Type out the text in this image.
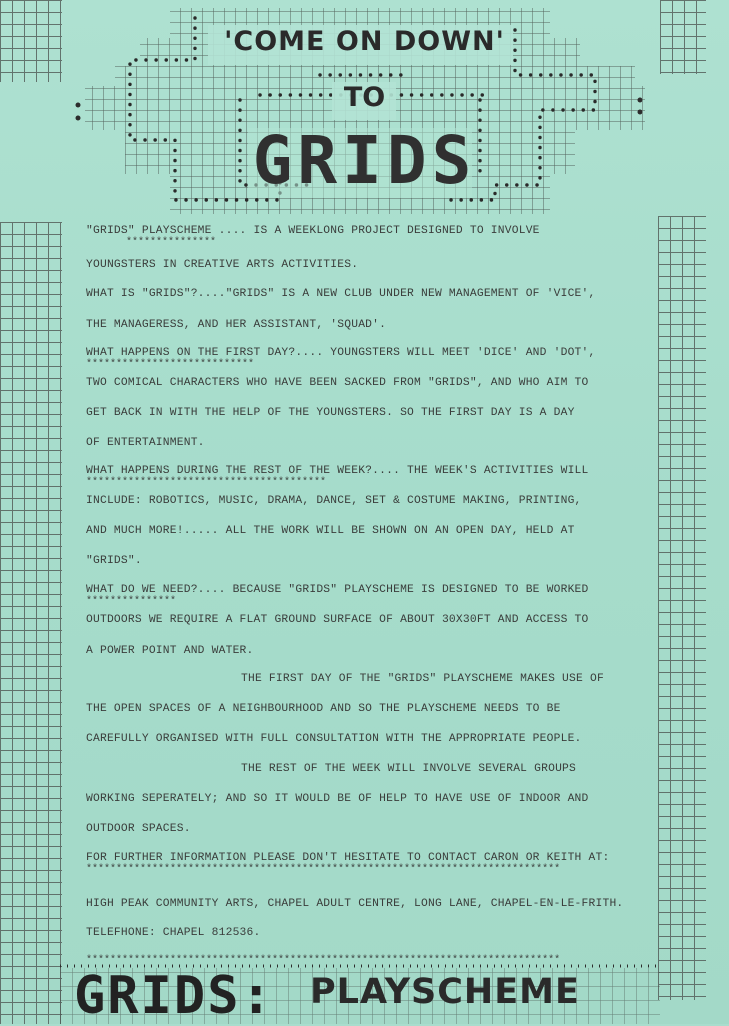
'COME ON DOWN'
TO
GRIDS
"GRIDS" PLAYSCHEME .... IS A WEEKLONG PROJECT DESIGNED TO INVOLVE
***************
YOUNGSTERS IN CREATIVE ARTS ACTIVITIES.
WHAT IS "GRIDS"?...."GRIDS" IS A NEW CLUB UNDER NEW MANAGEMENT OF 'VICE',
THE MANAGERESS, AND HER ASSISTANT, 'SQUAD'.
WHAT HAPPENS ON THE FIRST DAY?.... YOUNGSTERS WILL MEET 'DICE' AND 'DOT',
****************************
TWO COMICAL CHARACTERS WHO HAVE BEEN SACKED FROM "GRIDS", AND WHO AIM TO
GET BACK IN WITH THE HELP OF THE YOUNGSTERS. SO THE FIRST DAY IS A DAY
OF ENTERTAINMENT.
WHAT HAPPENS DURING THE REST OF THE WEEK?.... THE WEEK'S ACTIVITIES WILL
****************************************
INCLUDE: ROBOTICS, MUSIC, DRAMA, DANCE, SET & COSTUME MAKING, PRINTING,
AND MUCH MORE!..... ALL THE WORK WILL BE SHOWN ON AN OPEN DAY, HELD AT
"GRIDS".
WHAT DO WE NEED?.... BECAUSE "GRIDS" PLAYSCHEME IS DESIGNED TO BE WORKED
***************
OUTDOORS WE REQUIRE A FLAT GROUND SURFACE OF ABOUT 30X30FT AND ACCESS TO
A POWER POINT AND WATER.
THE FIRST DAY OF THE "GRIDS" PLAYSCHEME MAKES USE OF
THE OPEN SPACES OF A NEIGHBOURHOOD AND SO THE PLAYSCHEME NEEDS TO BE
CAREFULLY ORGANISED WITH FULL CONSULTATION WITH THE APPROPRIATE PEOPLE.
THE REST OF THE WEEK WILL INVOLVE SEVERAL GROUPS
WORKING SEPERATELY; AND SO IT WOULD BE OF HELP TO HAVE USE OF INDOOR AND
OUTDOOR SPACES.
FOR FURTHER INFORMATION PLEASE DON'T HESITATE TO CONTACT CARON OR KEITH AT:
*******************************************************************************
HIGH PEAK COMMUNITY ARTS, CHAPEL ADULT CENTRE, LONG LANE, CHAPEL-EN-LE-FRITH.
TELEFHONE: CHAPEL 812536.
*******************************************************************************
GRIDS: PLAYSCHEME
